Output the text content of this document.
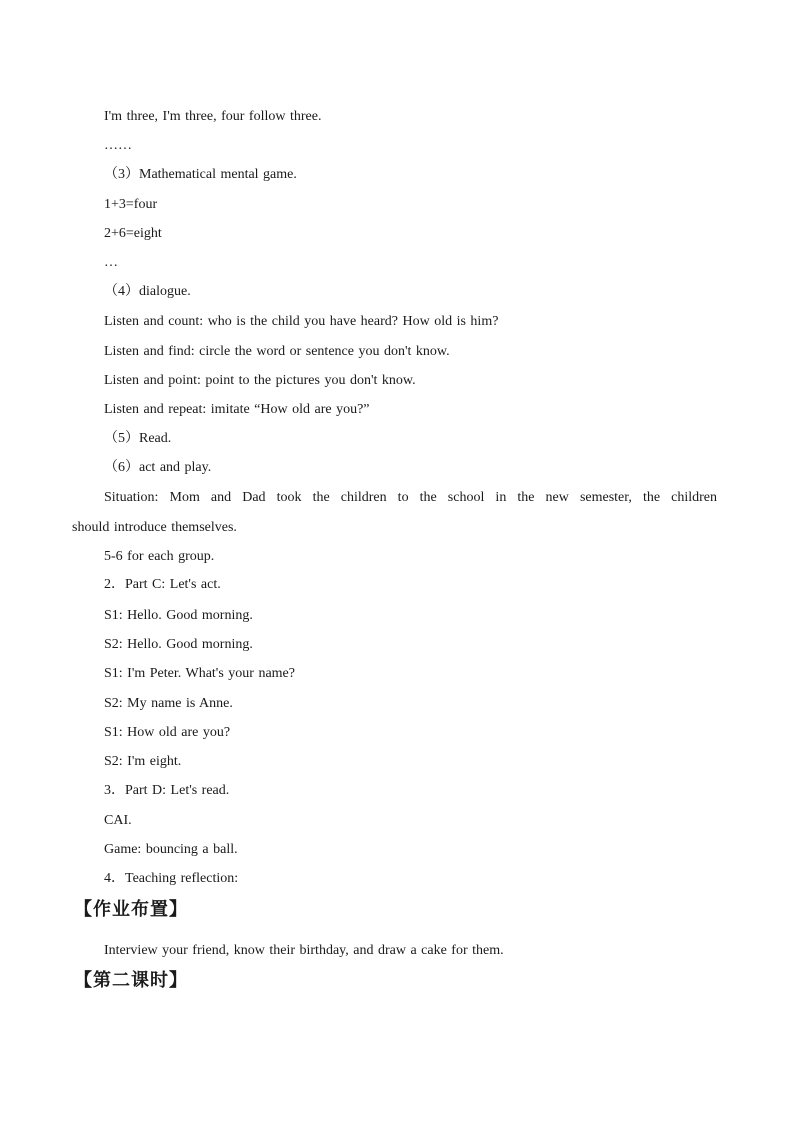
I'm three, I'm three, four follow three.
……
（3）Mathematical mental game.
1+3=four
2+6=eight
…
（4）dialogue.
Listen and count: who is the child you have heard? How old is him?
Listen and find: circle the word or sentence you don't know.
Listen and point: point to the pictures you don't know.
Listen and repeat: imitate “How old are you?”
（5）Read.
（6）act and play.
Situation: Mom and Dad took the children to the school in the new semester, the children
should introduce themselves.
5-6 for each group.
2．Part C: Let's act.
S1: Hello. Good morning.
S2: Hello. Good morning.
S1: I'm Peter. What's your name?
S2: My name is Anne.
S1: How old are you?
S2: I'm eight.
3．Part D: Let's read.
CAI.
Game: bouncing a ball.
4．Teaching reflection:
【作业布置】
Interview your friend, know their birthday, and draw a cake for them.
【第二课时】
